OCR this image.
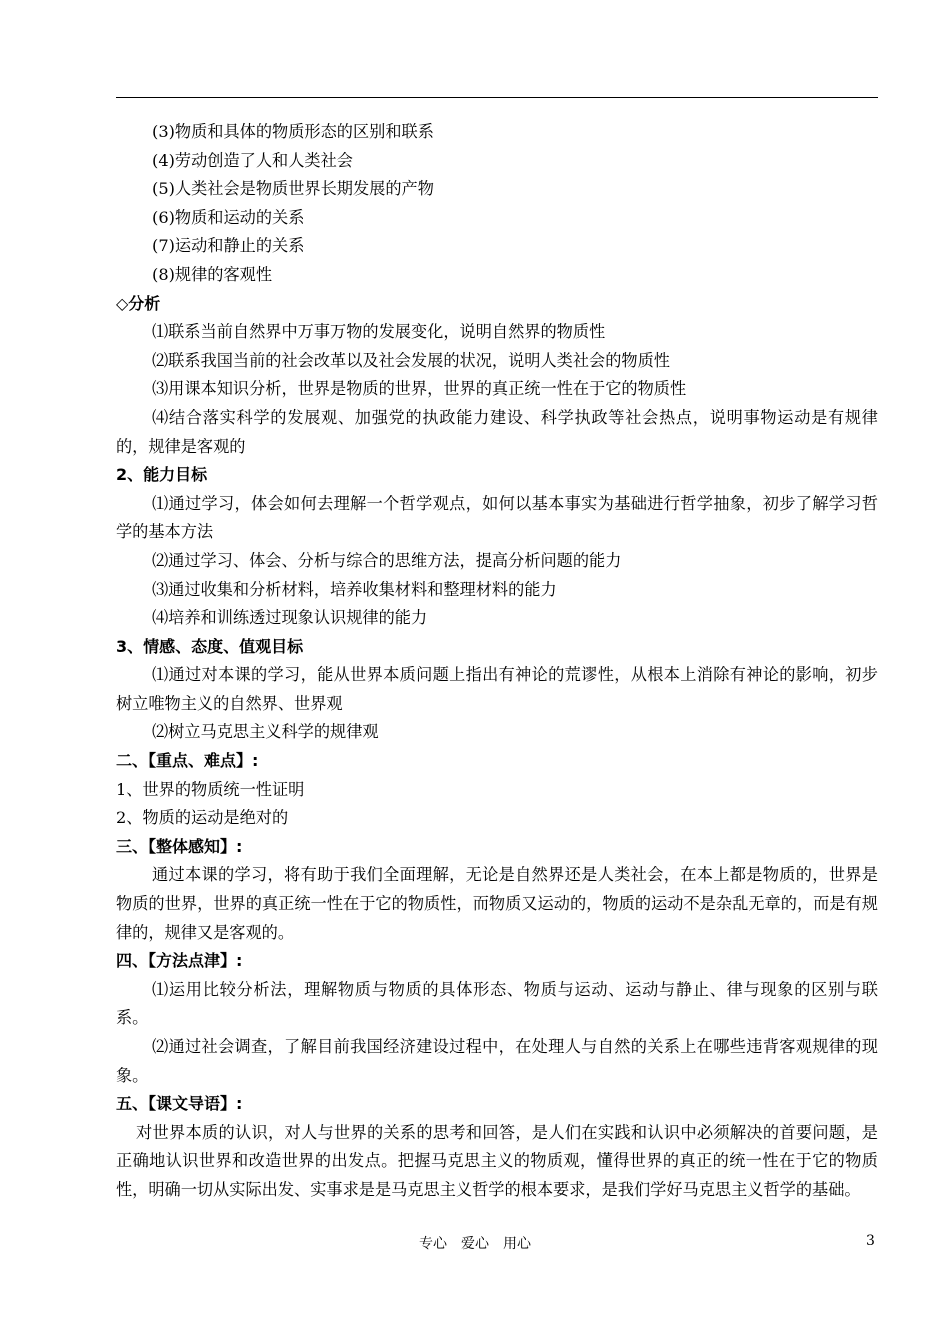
(3)物质和具体的物质形态的区别和联系
(4)劳动创造了人和人类社会
(5)人类社会是物质世界长期发展的产物
(6)物质和运动的关系
(7)运动和静止的关系
(8)规律的客观性
◇分析
⑴联系当前自然界中万事万物的发展变化，说明自然界的物质性
⑵联系我国当前的社会改革以及社会发展的状况，说明人类社会的物质性
⑶用课本知识分析，世界是物质的世界，世界的真正统一性在于它的物质性
⑷结合落实科学的发展观、加强党的执政能力建设、科学执政等社会热点，说明事物运动是有规律的，规律是客观的
2、能力目标
⑴通过学习，体会如何去理解一个哲学观点，如何以基本事实为基础进行哲学抽象，初步了解学习哲学的基本方法
⑵通过学习、体会、分析与综合的思维方法，提高分析问题的能力
⑶通过收集和分析材料，培养收集材料和整理材料的能力
⑷培养和训练透过现象认识规律的能力
3、情感、态度、值观目标
⑴通过对本课的学习，能从世界本质问题上指出有神论的荒谬性，从根本上消除有神论的影响，初步树立唯物主义的自然界、世界观
⑵树立马克思主义科学的规律观
二、【重点、难点】:
1、世界的物质统一性证明
2、物质的运动是绝对的
三、【整体感知】:
通过本课的学习，将有助于我们全面理解，无论是自然界还是人类社会，在本上都是物质的，世界是物质的世界，世界的真正统一性在于它的物质性，而物质又运动的，物质的运动不是杂乱无章的，而是有规律的，规律又是客观的。
四、【方法点津】:
⑴运用比较分析法，理解物质与物质的具体形态、物质与运动、运动与静止、律与现象的区别与联系。
⑵通过社会调查，了解目前我国经济建设过程中，在处理人与自然的关系上在哪些违背客观规律的现象。
五、【课文导语】:
对世界本质的认识，对人与世界的关系的思考和回答，是人们在实践和认识中必须解决的首要问题，是正确地认识世界和改造世界的出发点。把握马克思主义的物质观，懂得世界的真正的统一性在于它的物质性，明确一切从实际出发、实事求是是马克思主义哲学的根本要求，是我们学好马克思主义哲学的基础。
专心　爱心　用心	3
